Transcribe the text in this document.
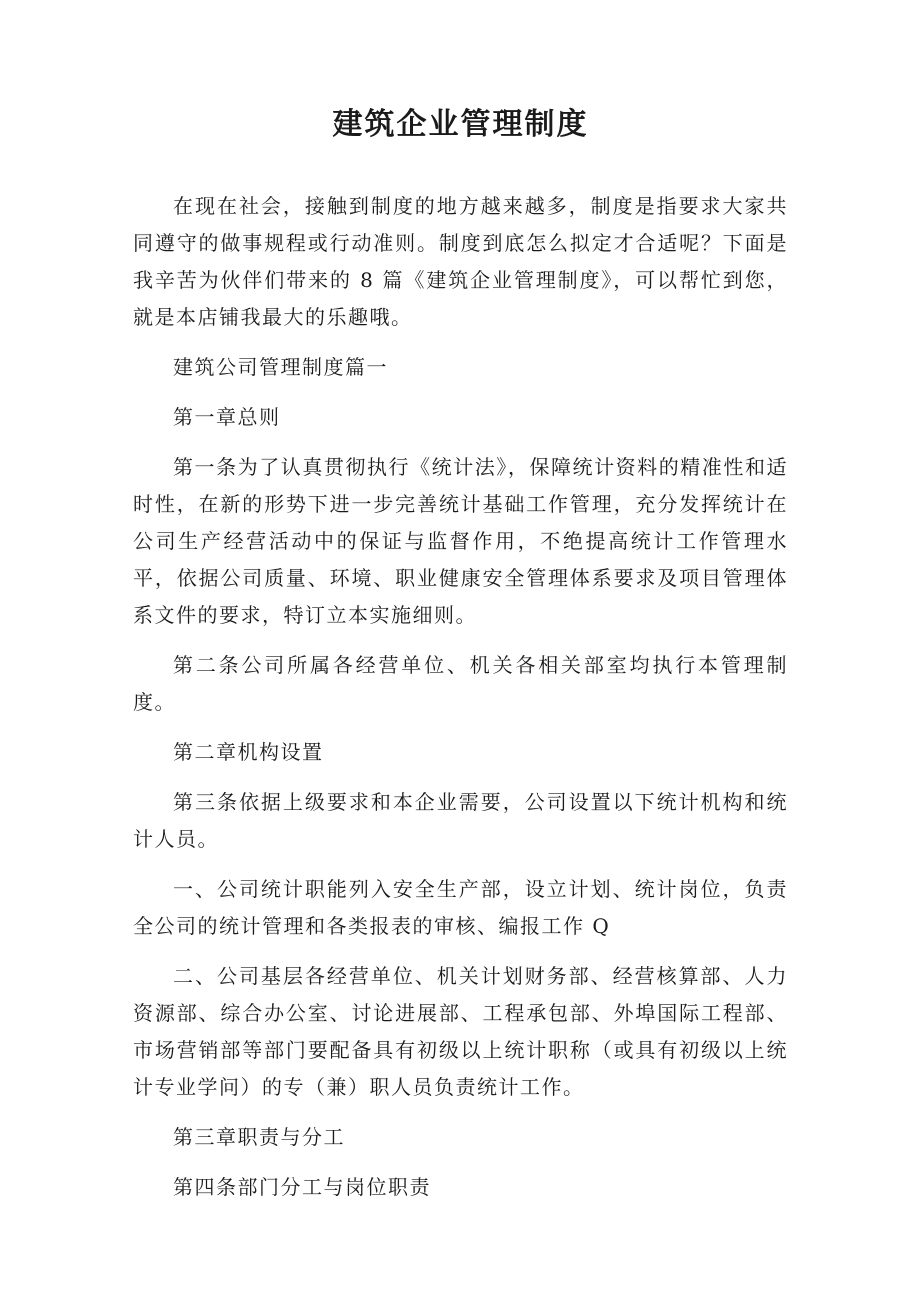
建筑企业管理制度

在现在社会，接触到制度的地方越来越多，制度是指要求大家共同遵守的做事规程或行动准则。制度到底怎么拟定才合适呢？下面是我辛苦为伙伴们带来的 8 篇《建筑企业管理制度》，可以帮忙到您，就是本店铺我最大的乐趣哦。

建筑公司管理制度篇一

第一章总则

第一条为了认真贯彻执行《统计法》，保障统计资料的精准性和适时性，在新的形势下进一步完善统计基础工作管理，充分发挥统计在公司生产经营活动中的保证与监督作用，不绝提高统计工作管理水平，依据公司质量、环境、职业健康安全管理体系要求及项目管理体系文件的要求，特订立本实施细则。

第二条公司所属各经营单位、机关各相关部室均执行本管理制度。

第二章机构设置

第三条依据上级要求和本企业需要，公司设置以下统计机构和统计人员。

一、公司统计职能列入安全生产部，设立计划、统计岗位，负责全公司的统计管理和各类报表的审核、编报工作 Q

二、公司基层各经营单位、机关计划财务部、经营核算部、人力资源部、综合办公室、讨论进展部、工程承包部、外埠国际工程部、市场营销部等部门要配备具有初级以上统计职称（或具有初级以上统计专业学问）的专（兼）职人员负责统计工作。

第三章职责与分工

第四条部门分工与岗位职责
